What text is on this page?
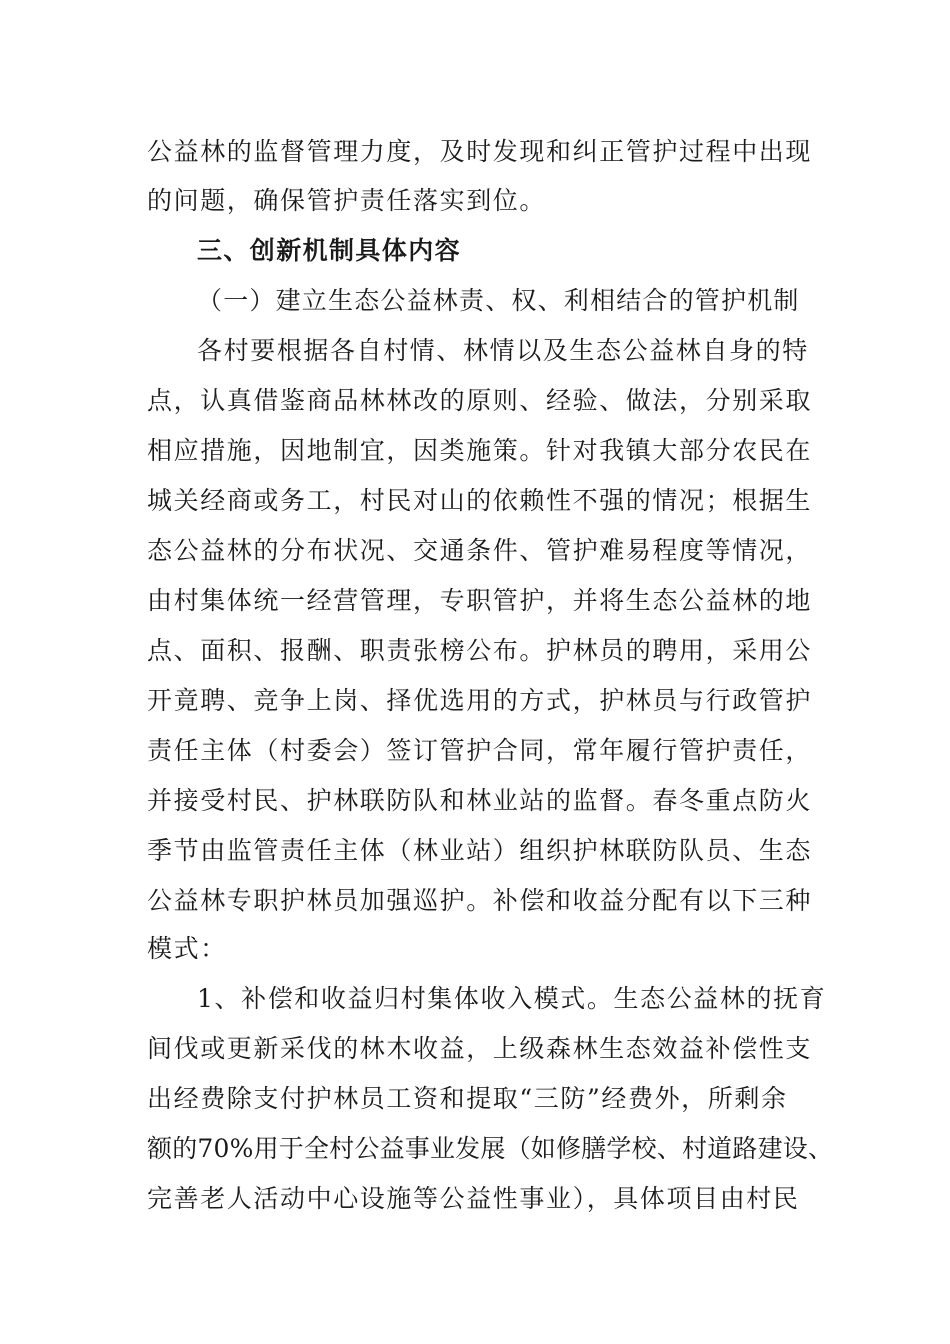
公益林的监督管理力度，及时发现和纠正管护过程中出现
的问题，确保管护责任落实到位。
三、创新机制具体内容
（一）建立生态公益林责、权、利相结合的管护机制
各村要根据各自村情、林情以及生态公益林自身的特
点，认真借鉴商品林林改的原则、经验、做法，分别采取
相应措施，因地制宜，因类施策。针对我镇大部分农民在
城关经商或务工，村民对山的依赖性不强的情况；根据生
态公益林的分布状况、交通条件、管护难易程度等情况，
由村集体统一经营管理，专职管护，并将生态公益林的地
点、面积、报酬、职责张榜公布。护林员的聘用，采用公
开竟聘、竞争上岗、择优选用的方式，护林员与行政管护
责任主体（村委会）签订管护合同，常年履行管护责任，
并接受村民、护林联防队和林业站的监督。春冬重点防火
季节由监管责任主体（林业站）组织护林联防队员、生态
公益林专职护林员加强巡护。补偿和收益分配有以下三种
模式：
1、补偿和收益归村集体收入模式。生态公益林的抚育
间伐或更新采伐的林木收益，上级森林生态效益补偿性支
出经费除支付护林员工资和提取“三防”经费外，所剩余
额的70%用于全村公益事业发展（如修膳学校、村道路建设、
完善老人活动中心设施等公益性事业），具体项目由村民
